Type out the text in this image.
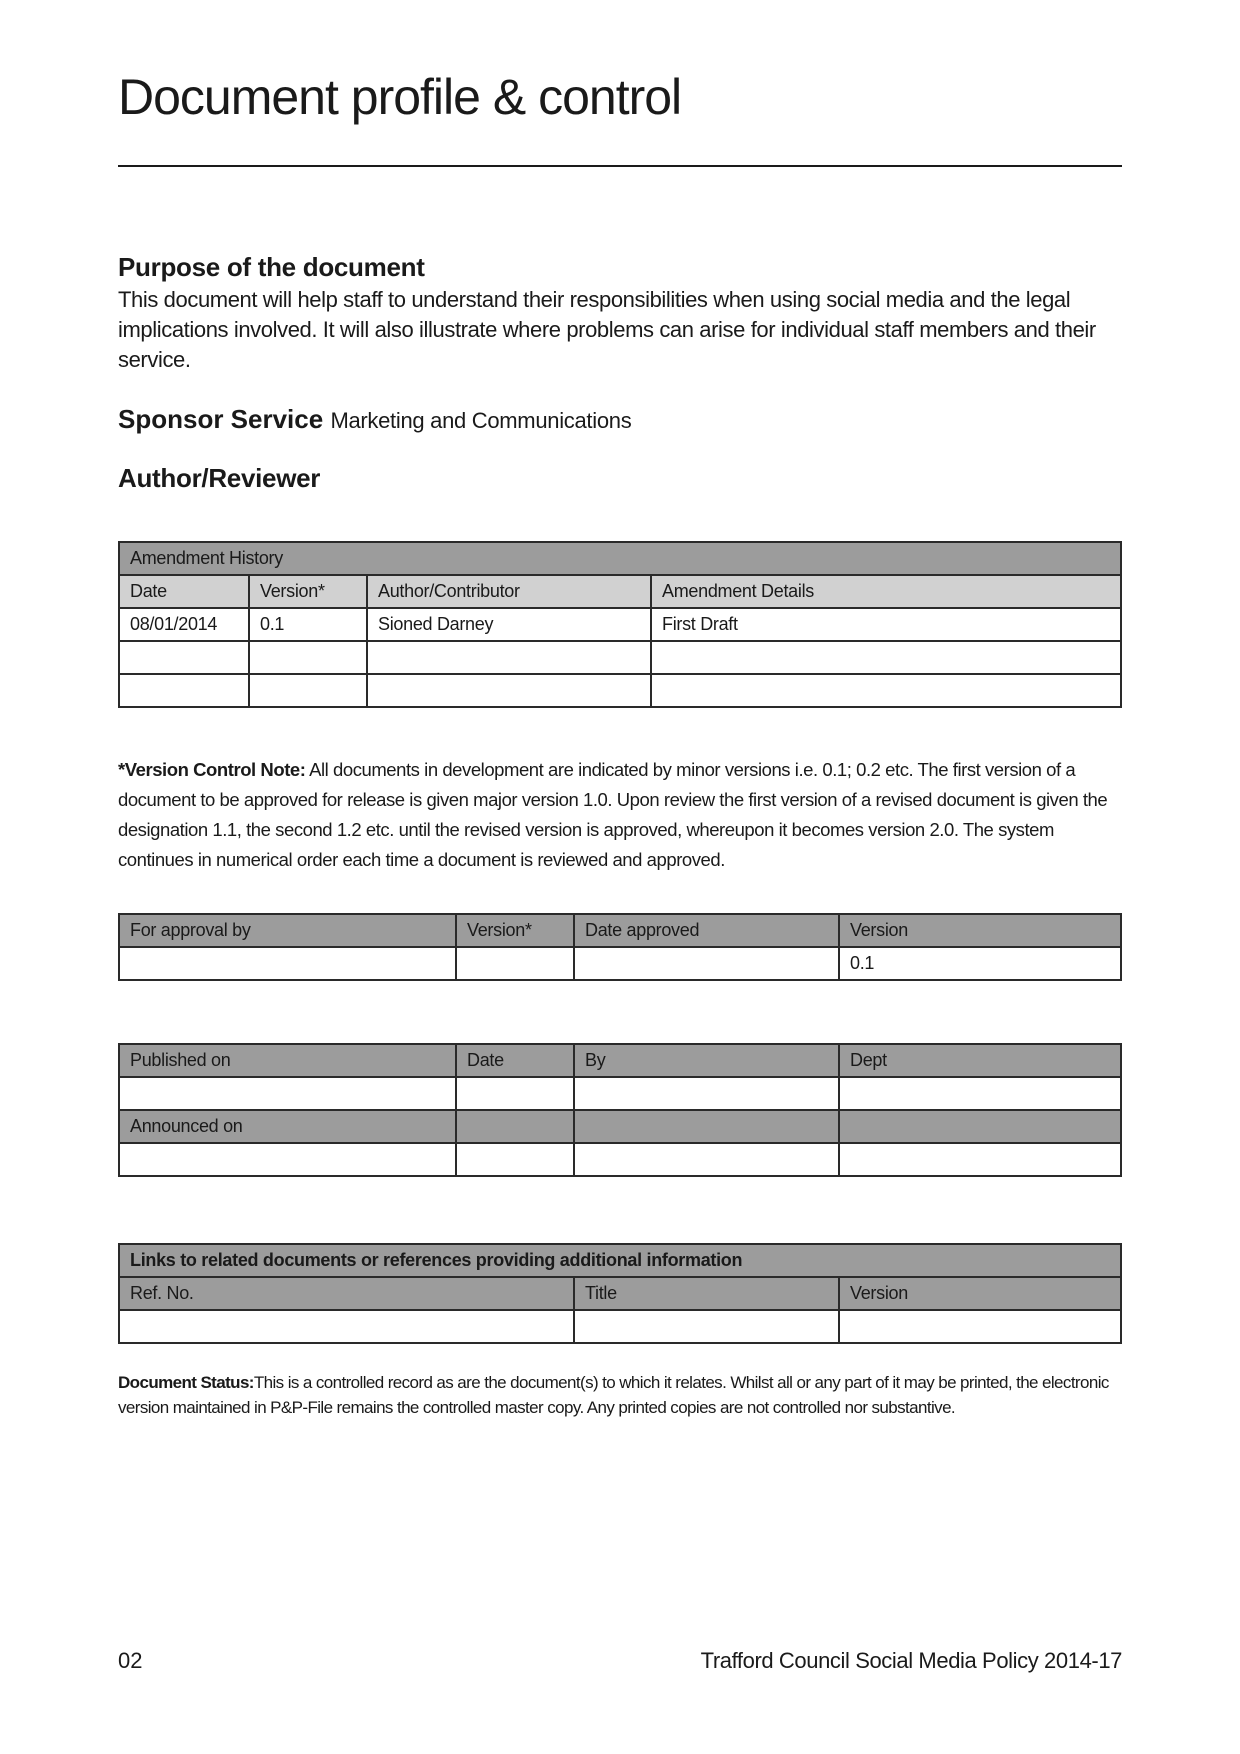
Document profile & control
Purpose of the document
This document will help staff to understand their responsibilities when using social media and the legal implications involved. It will also illustrate where problems can arise for individual staff members and their service.
Sponsor Service Marketing and Communications
Author/Reviewer
Amendment History			
Date	Version*	Author/Contributor	Amendment Details
08/01/2014	0.1	Sioned Darney	First Draft

*Version Control Note: All documents in development are indicated by minor versions i.e. 0.1; 0.2 etc. The first version of a document to be approved for release is given major version 1.0. Upon review the first version of a revised document is given the designation 1.1, the second 1.2 etc. until the revised version is approved, whereupon it becomes version 2.0. The system continues in numerical order each time a document is reviewed and approved.
For approval by	Version*	Date approved	Version
			0.1
Published on	Date	By	Dept

Announced on			

Links to related documents or references providing additional information		
Ref. No.	Title	Version

Document Status:This is a controlled record as are the document(s) to which it relates. Whilst all or any part of it may be printed, the electronic version maintained in P&P-File remains the controlled master copy. Any printed copies are not controlled nor substantive.
02	Trafford Council Social Media Policy 2014-17
